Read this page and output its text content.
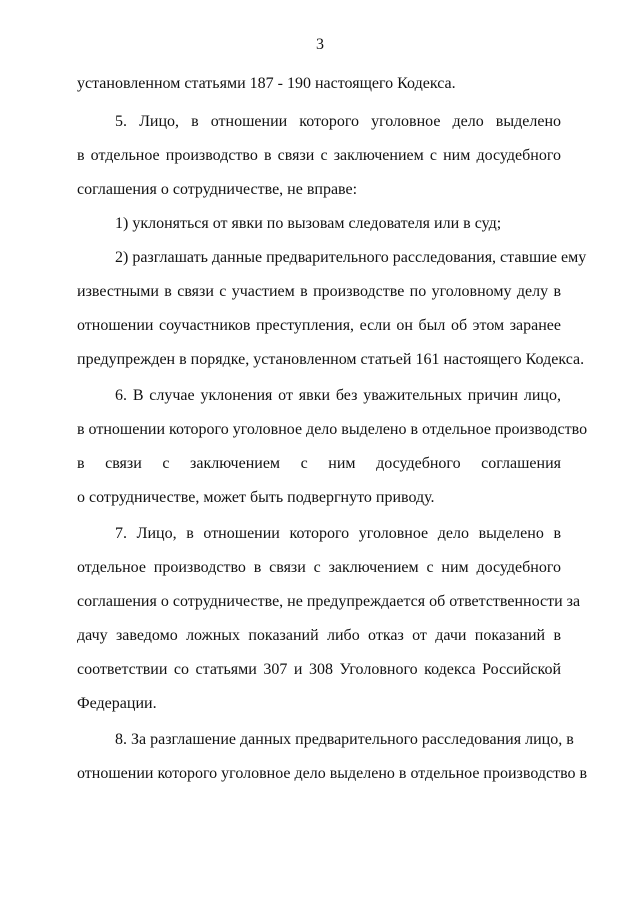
3
установленном статьями 187 - 190 настоящего Кодекса.
5. Лицо, в отношении которого уголовное дело выделено
в отдельное производство в связи с заключением с ним досудебного
соглашения о сотрудничестве, не вправе:
1) уклоняться от явки по вызовам следователя или в суд;
2) разглашать данные предварительного расследования, ставшие ему
известными в связи с участием в производстве по уголовному делу в
отношении соучастников преступления, если он был об этом заранее
предупрежден в порядке, установленном статьей 161 настоящего Кодекса.
6. В случае уклонения от явки без уважительных причин лицо,
в отношении которого уголовное дело выделено в отдельное производство
в связи с заключением с ним досудебного соглашения
о сотрудничестве, может быть подвергнуто приводу.
7. Лицо, в отношении которого уголовное дело выделено в
отдельное производство в связи с заключением с ним досудебного
соглашения о сотрудничестве, не предупреждается об ответственности за
дачу заведомо ложных показаний либо отказ от дачи показаний в
соответствии со статьями 307 и 308 Уголовного кодекса Российской
Федерации.
8. За разглашение данных предварительного расследования лицо, в
отношении которого уголовное дело выделено в отдельное производство в
